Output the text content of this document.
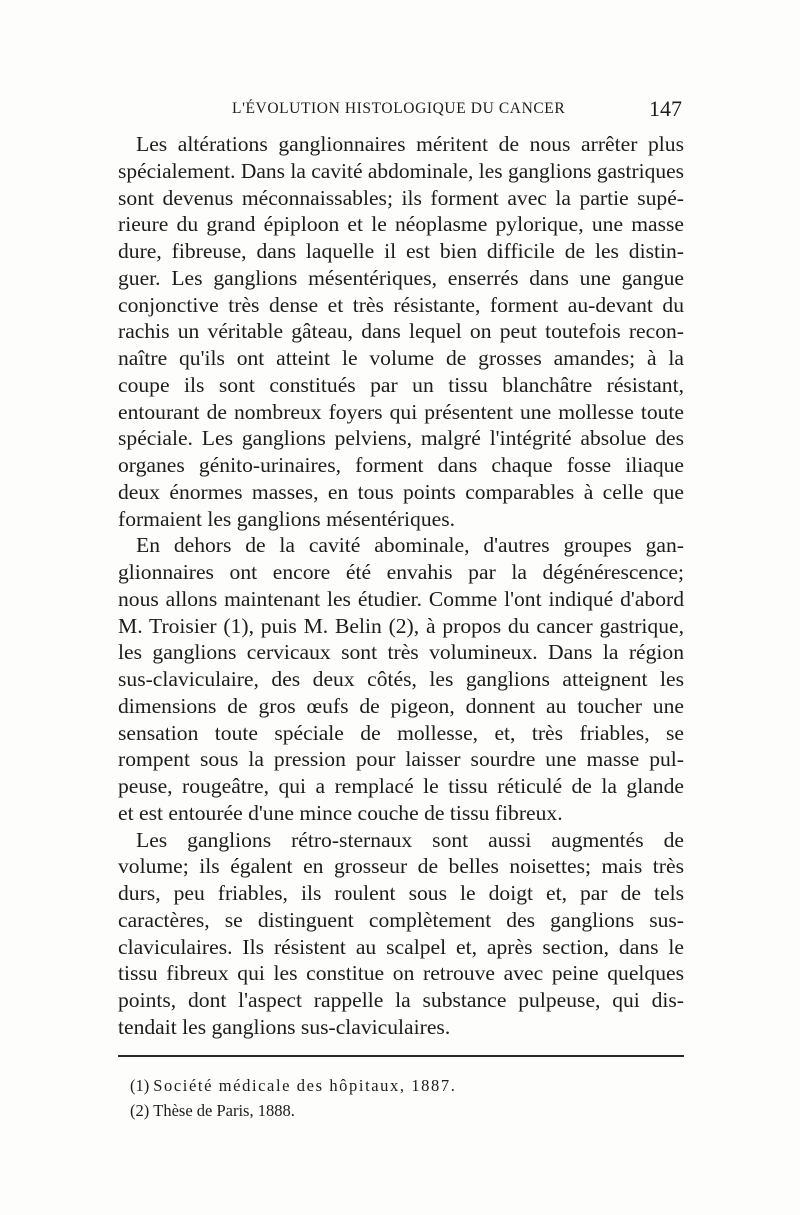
L'ÉVOLUTION HISTOLOGIQUE DU CANCER	147

Les altérations ganglionnaires méritent de nous arrêter plus
spécialement. Dans la cavité abdominale, les ganglions gastriques
sont devenus méconnaissables; ils forment avec la partie supé-
rieure du grand épiploon et le néoplasme pylorique, une masse
dure, fibreuse, dans laquelle il est bien difficile de les distin-
guer. Les ganglions mésentériques, enserrés dans une gangue
conjonctive très dense et très résistante, forment au-devant du
rachis un véritable gâteau, dans lequel on peut toutefois recon-
naître qu'ils ont atteint le volume de grosses amandes; à la
coupe ils sont constitués par un tissu blanchâtre résistant,
entourant de nombreux foyers qui présentent une mollesse toute
spéciale. Les ganglions pelviens, malgré l'intégrité absolue des
organes génito-urinaires, forment dans chaque fosse iliaque
deux énormes masses, en tous points comparables à celle que
formaient les ganglions mésentériques.

En dehors de la cavité abominale, d'autres groupes gan-
glionnaires ont encore été envahis par la dégénérescence;
nous allons maintenant les étudier. Comme l'ont indiqué d'abord
M. Troisier (1), puis M. Belin (2), à propos du cancer gastrique,
les ganglions cervicaux sont très volumineux. Dans la région
sus-claviculaire, des deux côtés, les ganglions atteignent les
dimensions de gros œufs de pigeon, donnent au toucher une
sensation toute spéciale de mollesse, et, très friables, se
rompent sous la pression pour laisser sourdre une masse pul-
peuse, rougeâtre, qui a remplacé le tissu réticulé de la glande
et est entourée d'une mince couche de tissu fibreux.

Les ganglions rétro-sternaux sont aussi augmentés de
volume; ils égalent en grosseur de belles noisettes; mais très
durs, peu friables, ils roulent sous le doigt et, par de tels
caractères, se distinguent complètement des ganglions sus-
claviculaires. Ils résistent au scalpel et, après section, dans le
tissu fibreux qui les constitue on retrouve avec peine quelques
points, dont l'aspect rappelle la substance pulpeuse, qui dis-
tendait les ganglions sus-claviculaires.

(1) Société médicale des hôpitaux, 1887.
(2) Thèse de Paris, 1888.
